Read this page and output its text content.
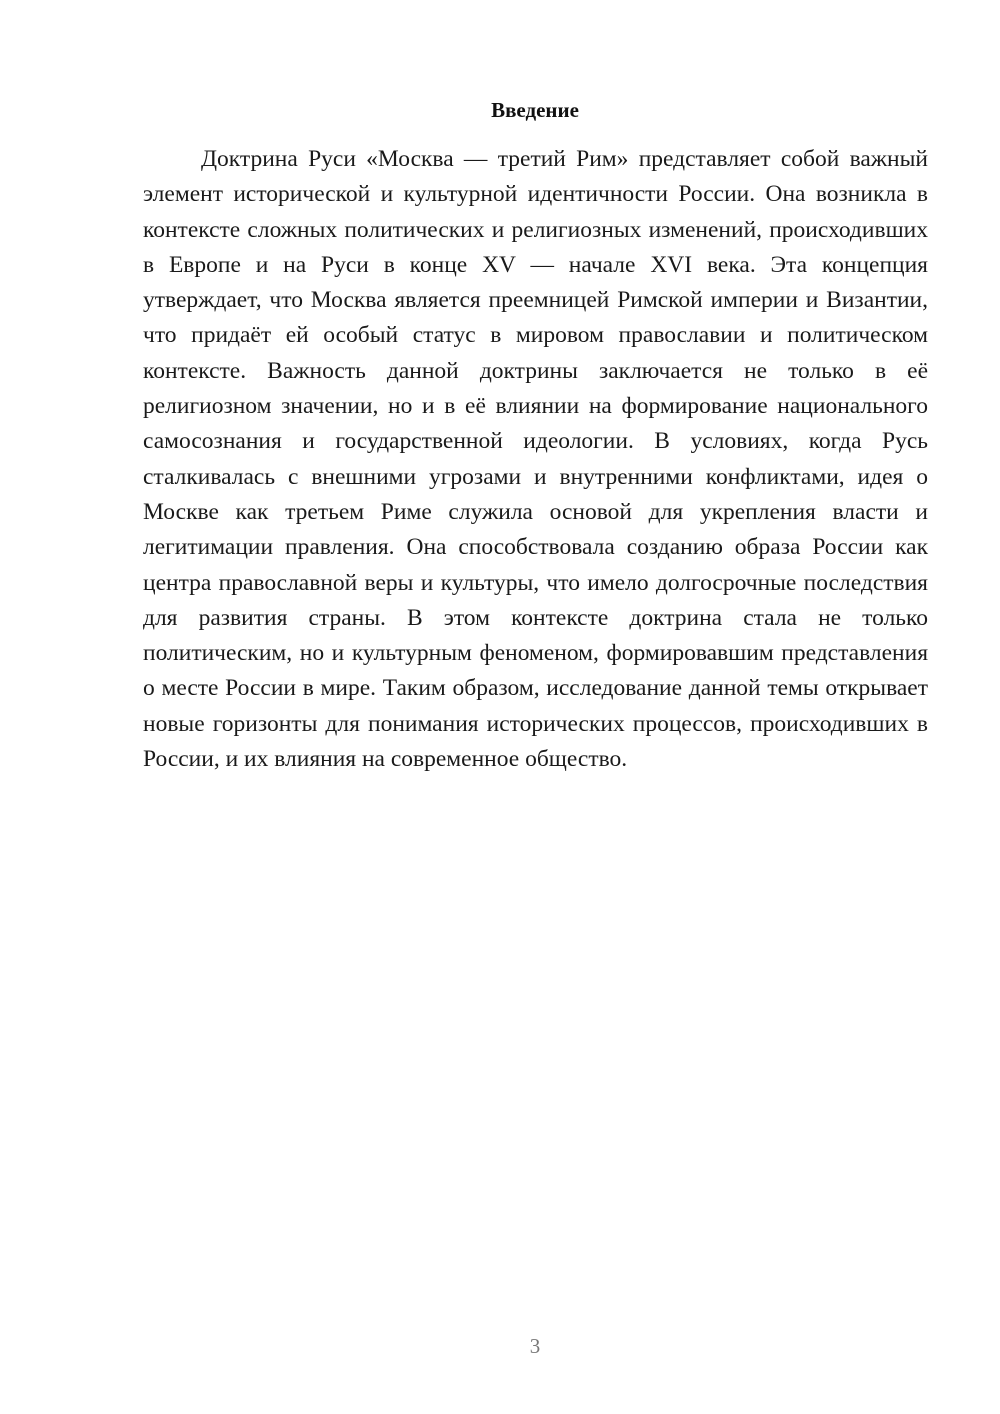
Введение

Доктрина Руси «Москва — третий Рим» представляет собой важный элемент исторической и культурной идентичности России. Она возникла в контексте сложных политических и религиозных изменений, происходивших в Европе и на Руси в конце XV — начале XVI века. Эта концепция утверждает, что Москва является преемницей Римской империи и Византии, что придаёт ей особый статус в мировом православии и политическом контексте. Важность данной доктрины заключается не только в её религиозном значении, но и в её влиянии на формирование национального самосознания и государственной идеологии. В условиях, когда Русь сталкивалась с внешними угрозами и внутренними конфликтами, идея о Москве как третьем Риме служила основой для укрепления власти и легитимации правления. Она способствовала созданию образа России как центра православной веры и культуры, что имело долгосрочные последствия для развития страны. В этом контексте доктрина стала не только политическим, но и культурным феноменом, формировавшим представления о месте России в мире. Таким образом, исследование данной темы открывает новые горизонты для понимания исторических процессов, происходивших в России, и их влияния на современное общество.

3
